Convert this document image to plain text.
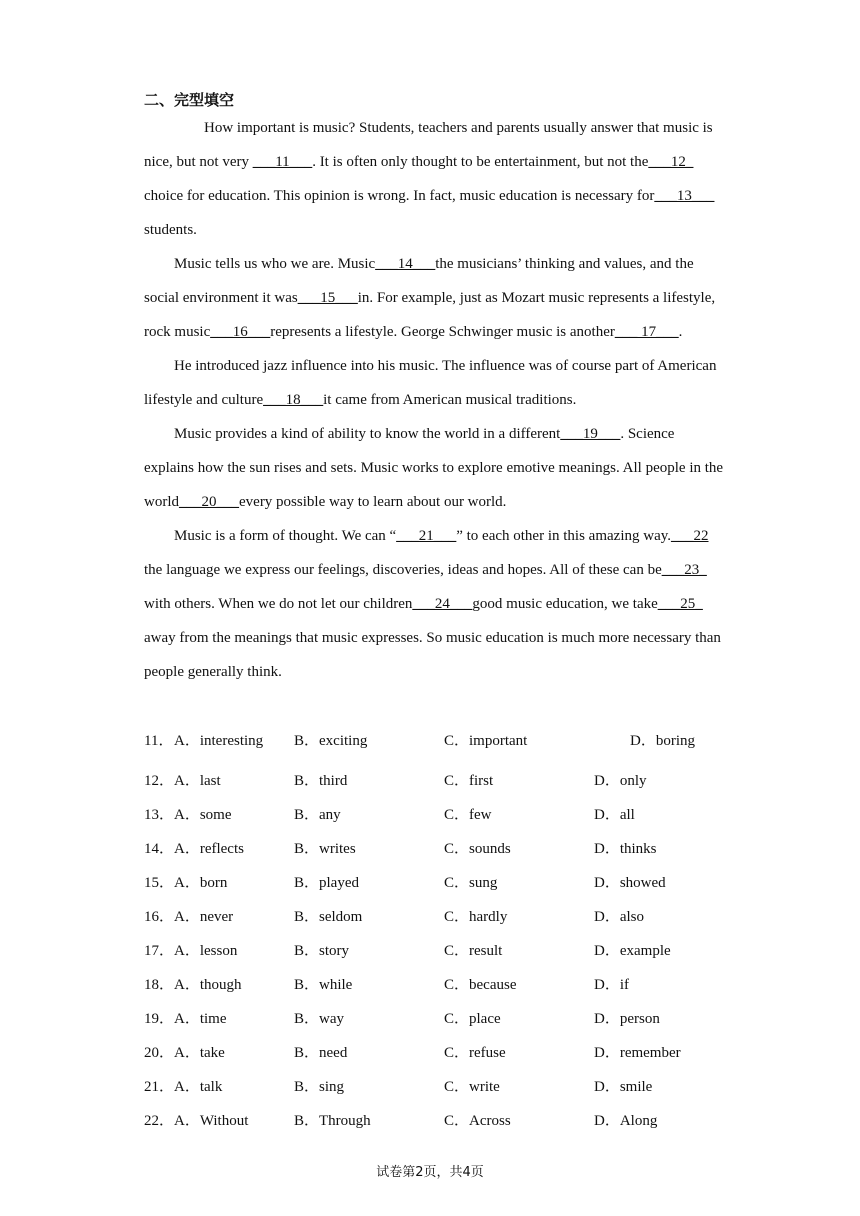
二、完型填空

How important is music? Students, teachers and parents usually answer that music is nice, but not very ___11___. It is often only thought to be entertainment, but not the___12_ choice for education. This opinion is wrong. In fact, music education is necessary for___13___ students.

Music tells us who we are. Music___14___the musicians’ thinking and values, and the social environment it was___15___in. For example, just as Mozart music represents a lifestyle, rock music___16___represents a lifestyle. George Schwinger music is another___ 17___.

He introduced jazz influence into his music. The influence was of course part of American lifestyle and culture___18___it came from American musical traditions.

Music provides a kind of ability to know the world in a different___19___. Science explains how the sun rises and sets. Music works to explore emotive meanings. All people in the world___20___every possible way to learn about our world.

Music is a form of thought. We can “___21___” to each other in this amazing way.___22 the language we express our feelings, discoveries, ideas and hopes. All of these can be___23_ with others. When we do not let our children___24___good music education, we take___25_ away from the meanings that music expresses. So music education is much more necessary than people generally think.

11． A．interesting B．exciting	C．important	D．boring
12． A．last	B．third	C．first	D．only
13． A．some	B．any	C．few	D．all
14． A．reflects	B．writes	C．sounds	D．thinks
15． A．born	B．played	C．sung	D．showed
16． A．never	B．seldom	C．hardly	D．also
17． A．lesson	B．story	C．result	D．example
18． A．though	B．while	C．because	D．if
19． A．time	B．way	C．place	D．person
20． A．take	B．need	C．refuse	D．remember
21． A．talk	B．sing	C．write	D．smile
22． A．Without	B．Through	C．Across	D．Along
试卷第2页，共4页
